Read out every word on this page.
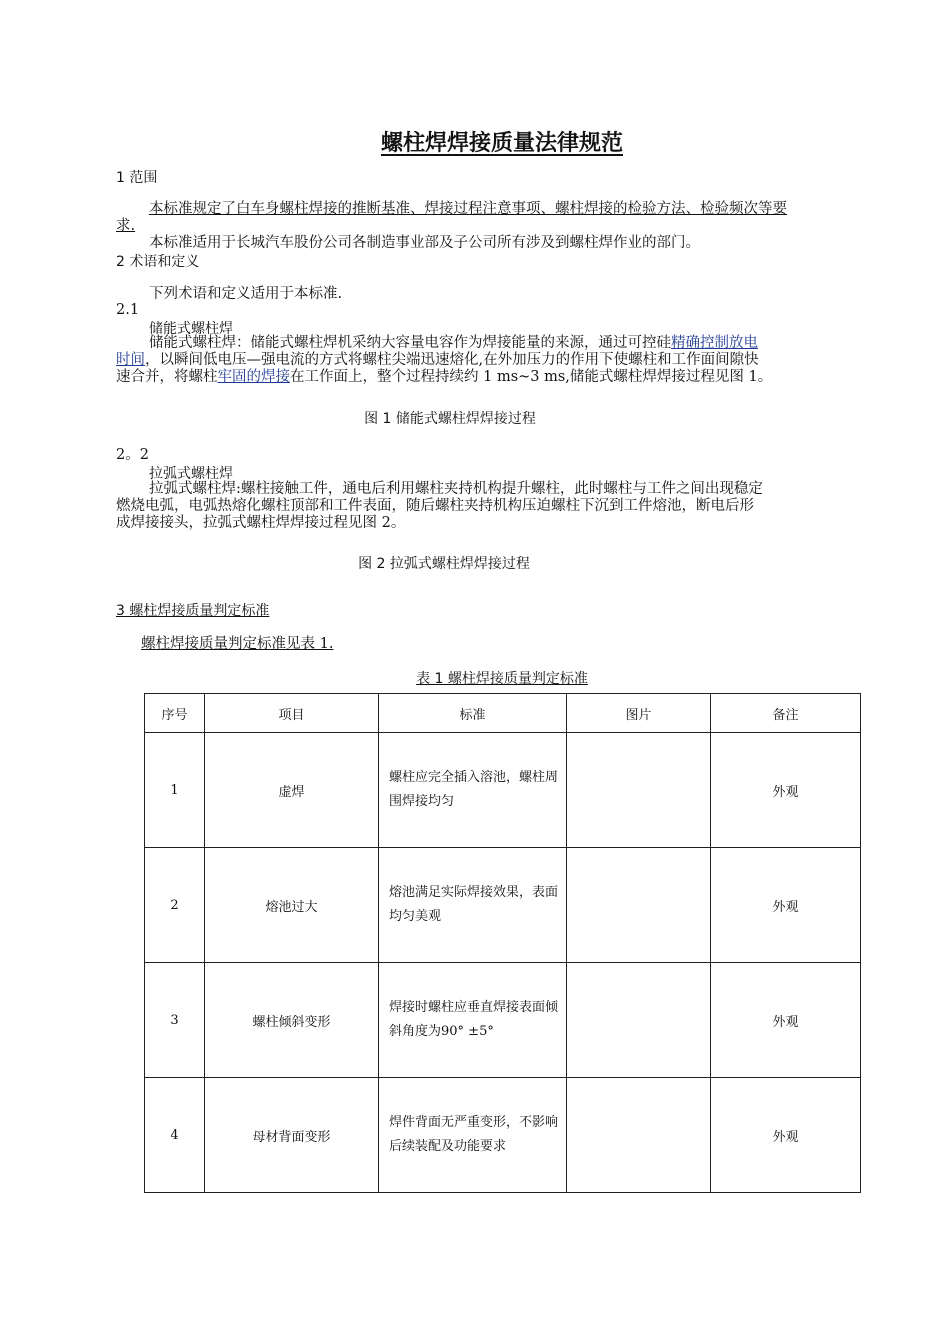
螺柱焊焊接质量法律规范
1 范围
本标准规定了白车身螺柱焊接的推断基准、焊接过程注意事项、螺柱焊接的检验方法、检验频次等要
求.
本标准适用于长城汽车股份公司各制造事业部及子公司所有涉及到螺柱焊作业的部门。
2 术语和定义
下列术语和定义适用于本标准.
2.1
储能式螺柱焊
储能式螺柱焊：储能式螺柱焊机采纳大容量电容作为焊接能量的来源，通过可控硅精确控制放电
时间，以瞬间低电压—强电流的方式将螺柱尖端迅速熔化,在外加压力的作用下使螺柱和工作面间隙快
速合并，将螺柱牢固的焊接在工作面上，整个过程持续约 1 ms~3 ms,储能式螺柱焊焊接过程见图 1。
图 1 储能式螺柱焊焊接过程
2。2
拉弧式螺柱焊
拉弧式螺柱焊:螺柱接触工件，通电后利用螺柱夹持机构提升螺柱，此时螺柱与工件之间出现稳定
燃烧电弧，电弧热熔化螺柱顶部和工件表面，随后螺柱夹持机构压迫螺柱下沉到工件熔池，断电后形
成焊接接头，拉弧式螺柱焊焊接过程见图 2。
图 2 拉弧式螺柱焊焊接过程
3 螺柱焊接质量判定标准
螺柱焊接质量判定标准见表 1.
表 1 螺柱焊接质量判定标准
序号	项目	标准	图片	备注
1	虚焊	螺柱应完全插入溶池，螺柱周围焊接均匀		外观
2	熔池过大	熔池满足实际焊接效果，表面均匀美观		外观
3	螺柱倾斜变形	焊接时螺柱应垂直焊接表面倾斜角度为90° ±5°		外观
4	母材背面变形	焊件背面无严重变形，不影响后续装配及功能要求		外观
